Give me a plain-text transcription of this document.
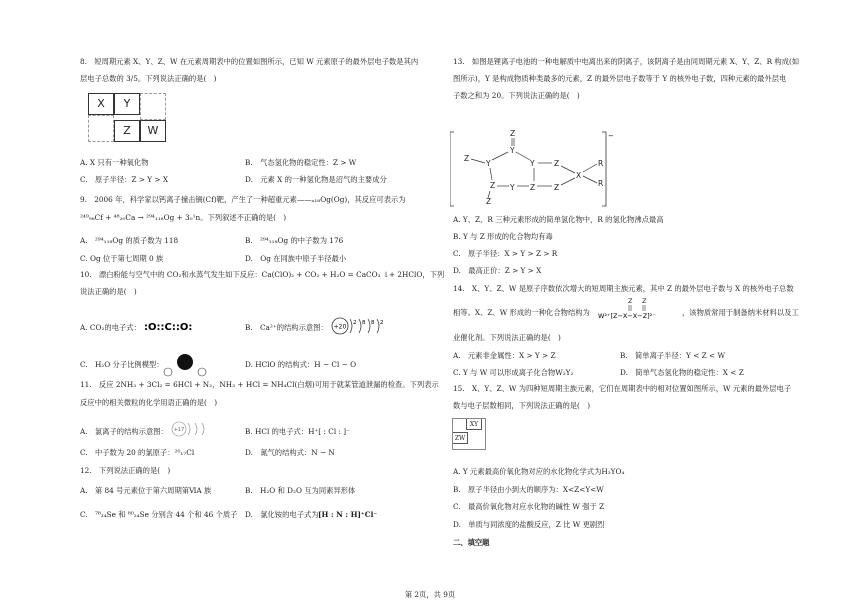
8.　短周期元素 X、Y、Z、W 在元素周期表中的位置如图所示，已知 W 元素原子的最外层电子数是其内
层电子总数的 3/5。下列说法正确的是(　)
X	Y
Z	W
A. X 只有一种氧化物	B.　气态氢化物的稳定性：Z > W
C.　原子半径：Z > Y > X	D.　元素 X 的一种氢化物是沼气的主要成分
9.　2006 年，科学家以钙离子撞击锎(Cf)靶，产生了一种超重元素——ₐ₁₈Og(Og)，其反应可表示为
²⁴⁹₉₈Cf + ⁴⁸₂₀Ca → ²⁹⁴₁₁₈Og + 3₀¹n。下列叙述不正确的是(　)
A.　²⁹⁴₁₁₈Og 的质子数为 118	B.　²⁹⁴₁₁₈Og 的中子数为 176
C. Og 位于第七周期 0 族	D.　Og 在同族中原子半径最小
10.　漂白粉能与空气中的 CO₂和水蒸气发生如下反应：Ca(ClO)₂ + CO₂ + H₂O = CaCO₃ ↓+ 2HClO，下列
说法正确的是(　)
A. CO₂的电子式： :O::C::O:	B.　Ca²⁺的结构示意图： +20
2 8 8 2
C.　H₂O 分子比例模型：	D. HClO 的结构式：H − Cl − O
11.　反应 2NH₃ + 3Cl₂ = 6HCl + N₂，NH₃ + HCl = NH₄Cl(白烟)可用于就某管道泄漏的检查。下列表示
反应中的相关微粒的化学用语正确的是(　)
A.　氯离子的结构示意图： +17	B. HCl 的电子式：H⁺[ : Cl : ]⁻
C.　中子数为 20 的氯原子：²⁰₁₇Cl	D.　氮气的结构式：N − N
12.　下列说法正确的是(　)
A.　第 84 号元素位于第六周期第ⅥA 族	B.　H₂O 和 D₂O 互为同素异形体
C.　⁷⁸₃₄Se 和 ⁸⁰₃₄Se 分别含 44 个和 46 个质子 D.　氯化铵的电子式为 [H : N : H]⁺Cl⁻
13.　如图是锂离子电池的一种电解质中电离出来的阴离子，该阴离子是由同周期元素 X、Y、Z、R 构成(如
图所示)，Y 是构成物质种类最多的元素，Z 的最外层电子数等于 Y 的核外电子数，四种元素的最外层电
子数之和为 20。下列说法正确的是(　)
−
Z
Y
Z
Y	Y	Z
X
R
R
Z Y Z	Z
Z
A. Y、Z、R 三种元素形成的简单氢化物中，R 的氢化物沸点最高
B. Y 与 Z 形成的化合物均有毒
C.　原子半径：X > Y > Z > R
D.　最高正价：Z > Y > X
14.　X、Y、Z、W 是原子序数依次增大的短周期主族元素，其中 Z 的最外层电子数与 X 的核外电子总数
相等。X、Z、W 形成的一种化合物结构为
Z Z
W²⁺[Z−X−X−Z]²⁻	，该物质常用于制备纳米材料以及工
业催化剂。下列说法正确的是(　)
A.　元素非金属性：X > Y > Z	B.　简单离子半径：Y < Z < W
C. Y 与 W 可以形成离子化合物W₃Y₂	D.　简单气态氢化物的稳定性：X < Z
15.　X、Y、Z、W 为四种短周期主族元素，它们在周期表中的相对位置如图所示，W 元素的最外层电子
数与电子层数相同，下列说法正确的是(　)
XY
ZW
A. Y 元素最高价氧化物对应的水化物化学式为H₃YO₄
B.　原子半径由小到大的顺序为：X<Z<Y<W
C.　最高价氧化物对应水化物的碱性 W 强于 Z
D.　单质与同浓度的盐酸反应，Z 比 W 更剧烈
二、填空题
第 2页，共 9页
